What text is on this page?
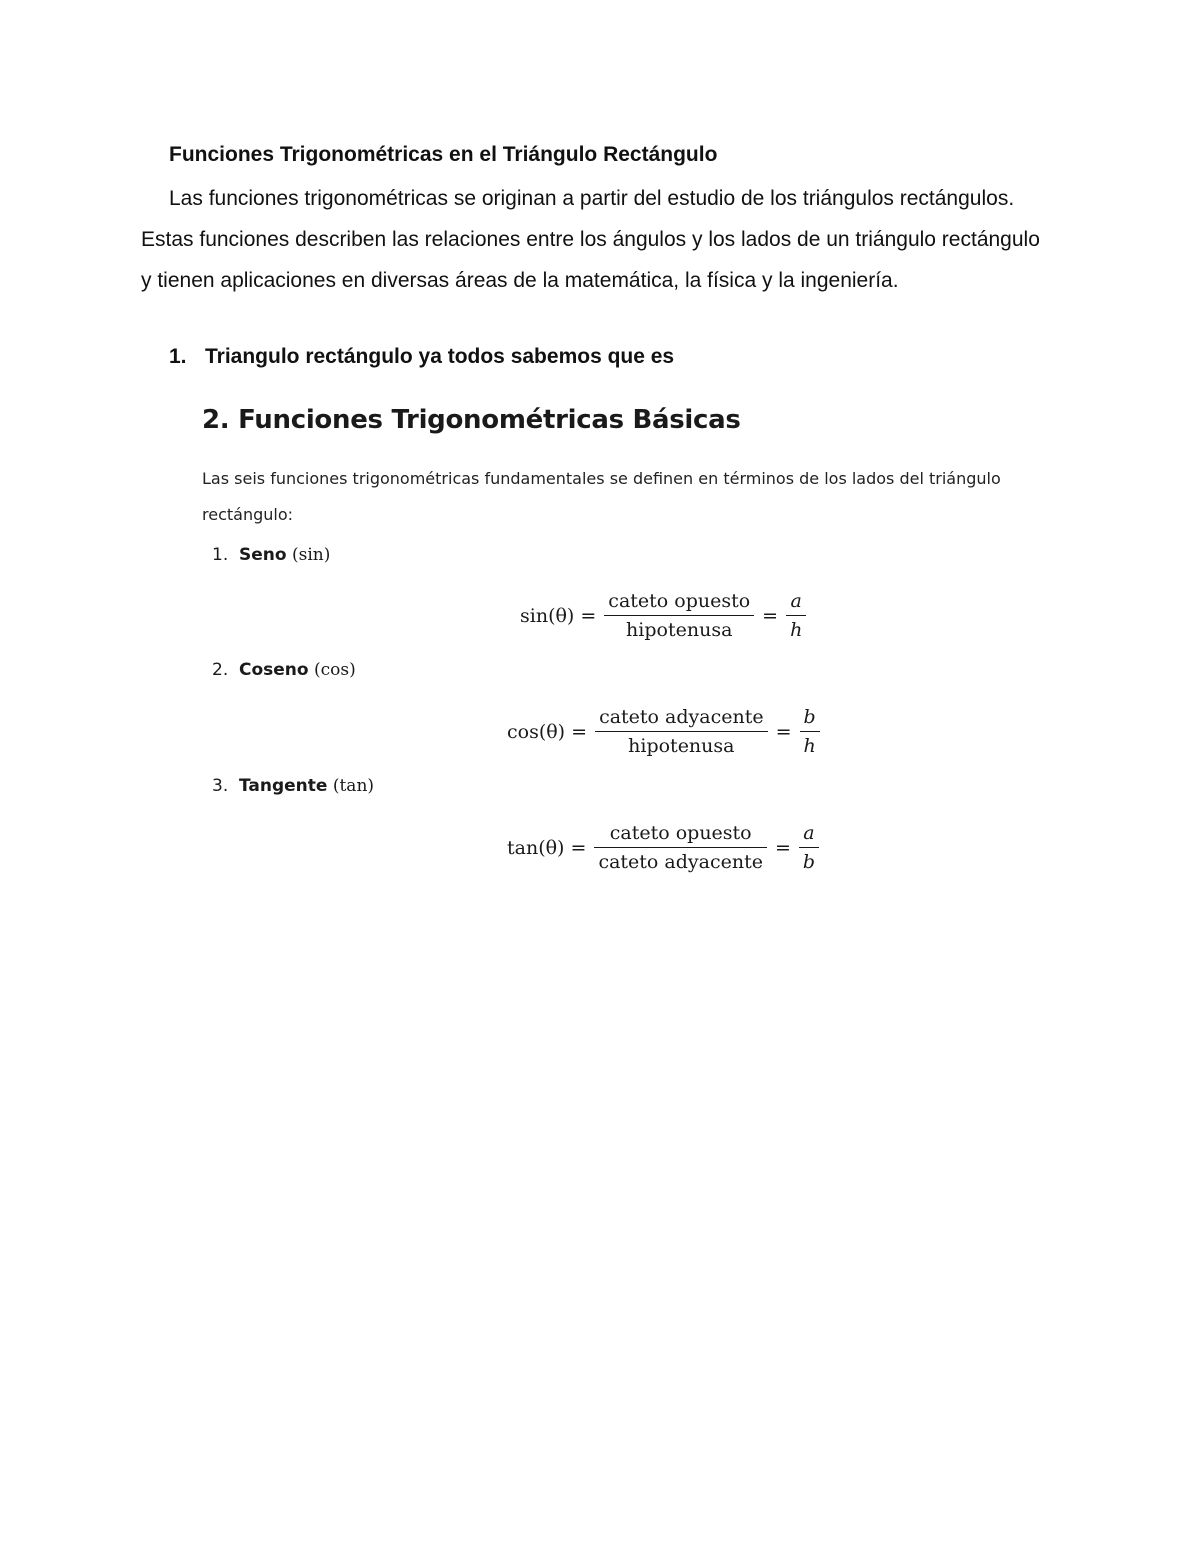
Funciones Trigonométricas en el Triángulo Rectángulo

Las funciones trigonométricas se originan a partir del estudio de los triángulos rectángulos. Estas funciones describen las relaciones entre los ángulos y los lados de un triángulo rectángulo y tienen aplicaciones en diversas áreas de la matemática, la física y la ingeniería.

1. Triangulo rectángulo ya todos sabemos que es
2. Funciones Trigonométricas Básicas

Las seis funciones trigonométricas fundamentales se definen en términos de los lados del triángulo rectángulo:

1. Seno (sin)
$\sin(\theta) = \frac{\text{cateto opuesto}}{\text{hipotenusa}} = \frac{a}{h}$
2. Coseno (cos)
$\cos(\theta) = \frac{\text{cateto adyacente}}{\text{hipotenusa}} = \frac{b}{h}$
3. Tangente (tan)
$\tan(\theta) = \frac{\text{cateto opuesto}}{\text{cateto adyacente}} = \frac{a}{b}$
